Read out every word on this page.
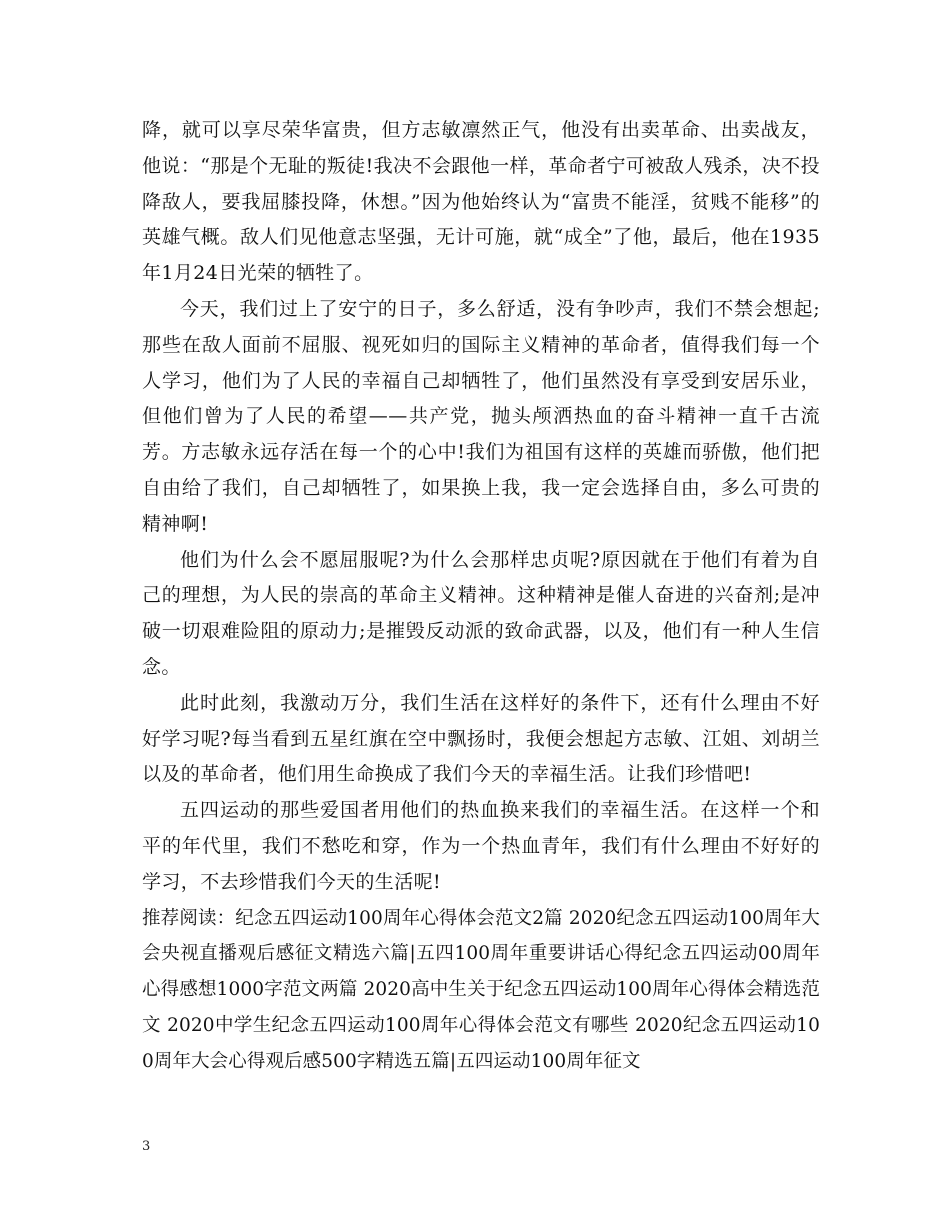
降，就可以享尽荣华富贵，但方志敏凛然正气，他没有出卖革命、出卖战友，他说：“那是个无耻的叛徒!我决不会跟他一样，革命者宁可被敌人残杀，决不投降敌人，要我屈膝投降，休想。”因为他始终认为“富贵不能淫，贫贱不能移”的英雄气概。敌人们见他意志坚强，无计可施，就“成全”了他，最后，他在1935年1月24日光荣的牺牲了。

今天，我们过上了安宁的日子，多么舒适，没有争吵声，我们不禁会想起;那些在敌人面前不屈服、视死如归的国际主义精神的革命者，值得我们每一个人学习，他们为了人民的幸福自己却牺牲了，他们虽然没有享受到安居乐业，但他们曾为了人民的希望——共产党，抛头颅洒热血的奋斗精神一直千古流芳。方志敏永远存活在每一个的心中!我们为祖国有这样的英雄而骄傲，他们把自由给了我们，自己却牺牲了，如果换上我，我一定会选择自由，多么可贵的精神啊!

他们为什么会不愿屈服呢?为什么会那样忠贞呢?原因就在于他们有着为自己的理想，为人民的崇高的革命主义精神。这种精神是催人奋进的兴奋剂;是冲破一切艰难险阻的原动力;是摧毁反动派的致命武器，以及，他们有一种人生信念。

此时此刻，我激动万分，我们生活在这样好的条件下，还有什么理由不好好学习呢?每当看到五星红旗在空中飘扬时，我便会想起方志敏、江姐、刘胡兰以及的革命者，他们用生命换成了我们今天的幸福生活。让我们珍惜吧!

五四运动的那些爱国者用他们的热血换来我们的幸福生活。在这样一个和平的年代里，我们不愁吃和穿，作为一个热血青年，我们有什么理由不好好的学习，不去珍惜我们今天的生活呢!

推荐阅读：纪念五四运动100周年心得体会范文2篇 2020纪念五四运动100周年大会央视直播观后感征文精选六篇|五四100周年重要讲话心得纪念五四运动00周年心得感想1000字范文两篇 2020高中生关于纪念五四运动100周年心得体会精选范文 2020中学生纪念五四运动100周年心得体会范文有哪些 2020纪念五四运动100周年大会心得观后感500字精选五篇|五四运动100周年征文

3
